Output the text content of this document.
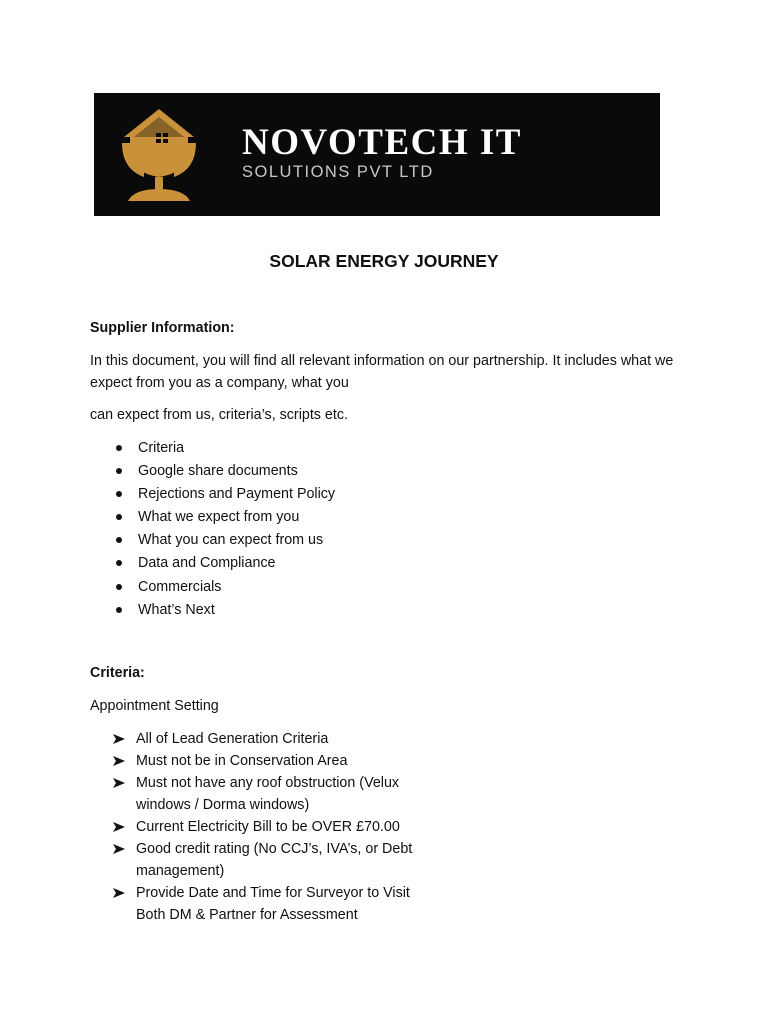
NOVOTECH IT
SOLUTIONS PVT LTD
SOLAR ENERGY JOURNEY

Supplier Information:

In this document, you will find all relevant information on our partnership. It includes what we expect from you as a company, what you

can expect from us, criteria’s, scripts etc.

Criteria
Google share documents
Rejections and Payment Policy
What we expect from you
What you can expect from us
Data and Compliance
Commercials
What’s Next

Criteria:

Appointment Setting

All of Lead Generation Criteria
Must not be in Conservation Area
Must not have any roof obstruction (Velux windows / Dorma windows)
Current Electricity Bill to be OVER £70.00
Good credit rating (No CCJ’s, IVA’s, or Debt management)
Provide Date and Time for Surveyor to Visit Both DM & Partner for Assessment
